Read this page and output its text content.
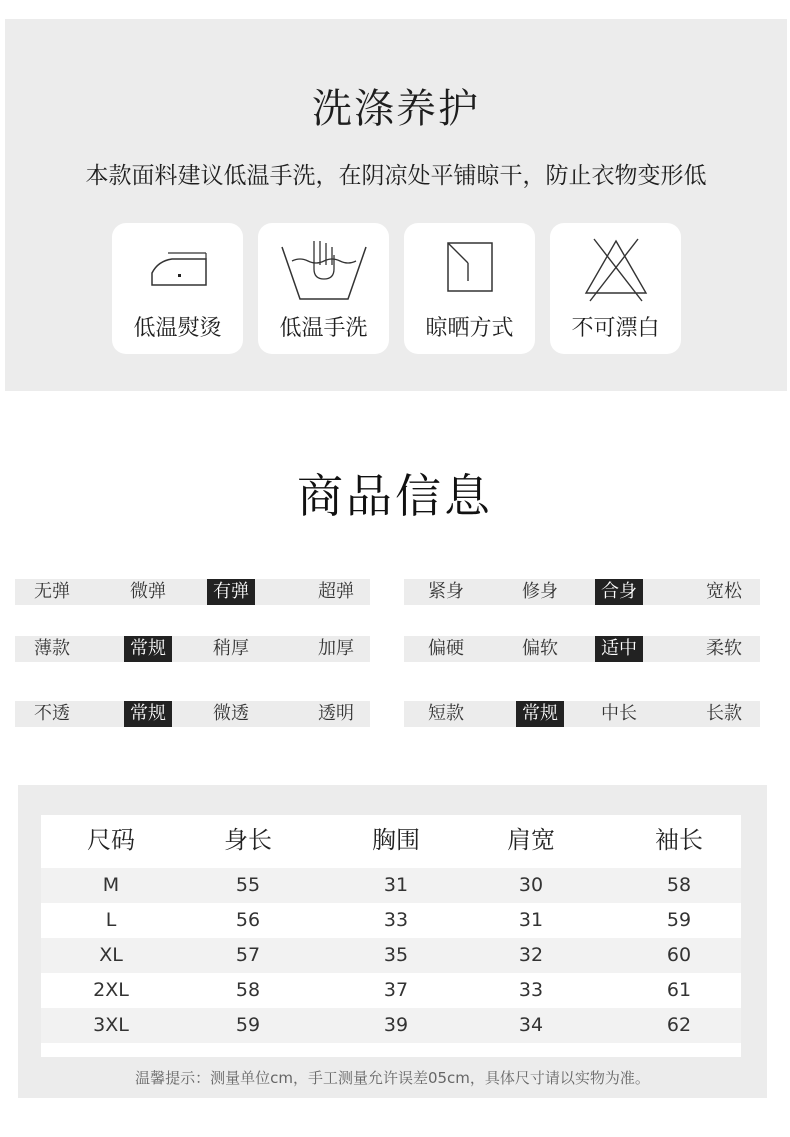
洗涤养护
本款面料建议低温手洗，在阴凉处平铺晾干，防止衣物变形低
低温熨烫	低温手洗	晾晒方式	不可漂白
商品信息
无弹	微弹	有弹	超弹	紧身	修身	合身	宽松
薄款	常规	稍厚	加厚	偏硬	偏软	适中	柔软
不透	常规	微透	透明	短款	常规	中长	长款
尺码	身长	胸围	肩宽	袖长
M	55	31	30	58
L	56	33	31	59
XL	57	35	32	60
2XL	58	37	33	61
3XL	59	39	34	62
温馨提示：测量单位cm，手工测量允许误差05cm，具体尺寸请以实物为准。
